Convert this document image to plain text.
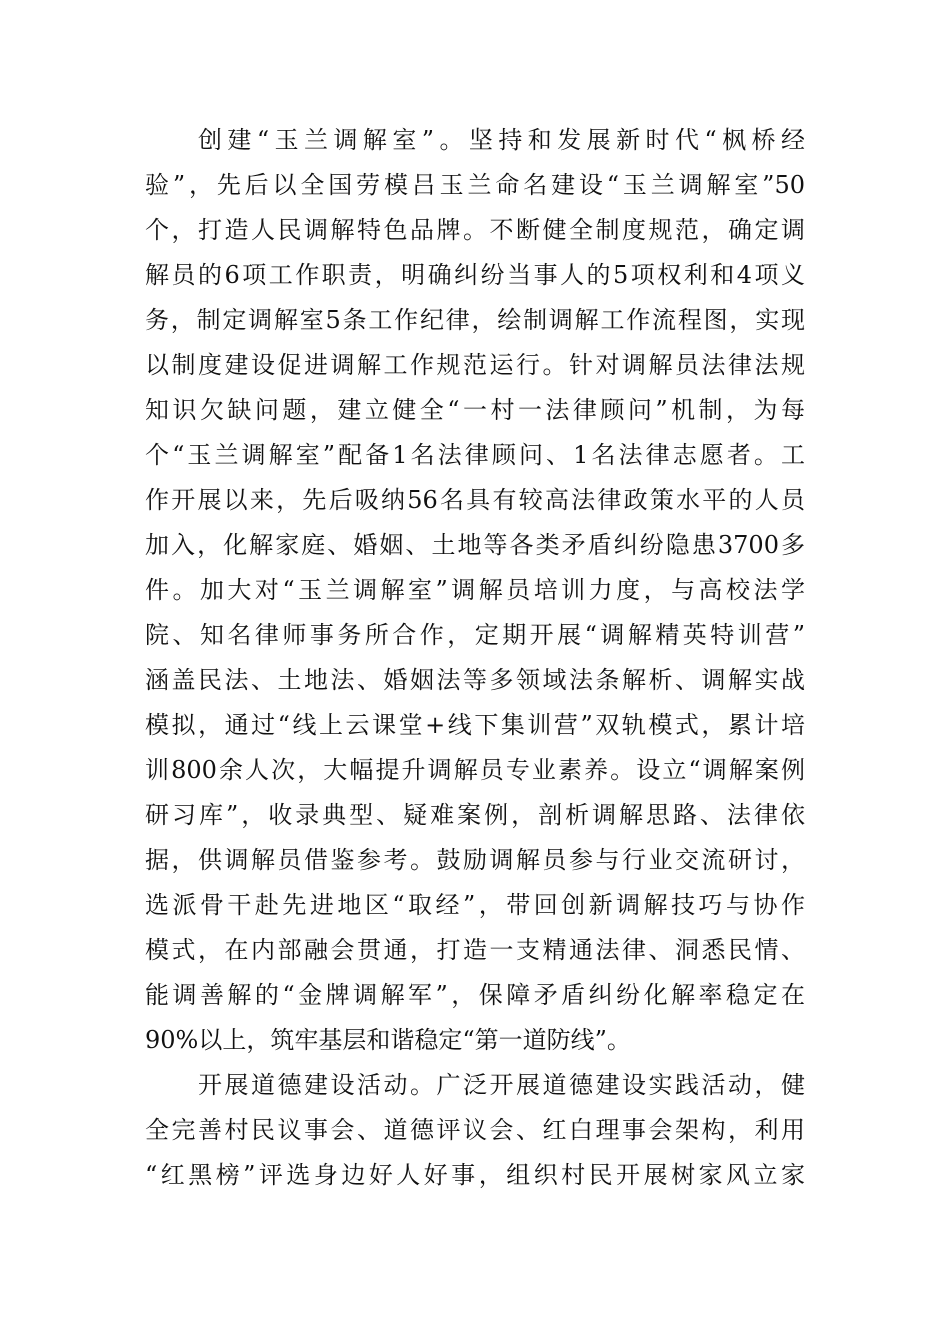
创建“玉兰调解室”。坚持和发展新时代“枫桥经
验”，先后以全国劳模吕玉兰命名建设“玉兰调解室”50
个，打造人民调解特色品牌。不断健全制度规范，确定调
解员的6项工作职责，明确纠纷当事人的5项权利和4项义
务，制定调解室5条工作纪律，绘制调解工作流程图，实现
以制度建设促进调解工作规范运行。针对调解员法律法规
知识欠缺问题，建立健全“一村一法律顾问”机制，为每
个“玉兰调解室”配备1名法律顾问、1名法律志愿者。工
作开展以来，先后吸纳56名具有较高法律政策水平的人员
加入，化解家庭、婚姻、土地等各类矛盾纠纷隐患3700多
件。加大对“玉兰调解室”调解员培训力度，与高校法学
院、知名律师事务所合作，定期开展“调解精英特训营”
涵盖民法、土地法、婚姻法等多领域法条解析、调解实战
模拟，通过“线上云课堂+线下集训营”双轨模式，累计培
训800余人次，大幅提升调解员专业素养。设立“调解案例
研习库”，收录典型、疑难案例，剖析调解思路、法律依
据，供调解员借鉴参考。鼓励调解员参与行业交流研讨，
选派骨干赴先进地区“取经”，带回创新调解技巧与协作
模式，在内部融会贯通，打造一支精通法律、洞悉民情、
能调善解的“金牌调解军”，保障矛盾纠纷化解率稳定在
90%以上，筑牢基层和谐稳定“第一道防线”。
开展道德建设活动。广泛开展道德建设实践活动，健
全完善村民议事会、道德评议会、红白理事会架构，利用
“红黑榜”评选身边好人好事，组织村民开展树家风立家
